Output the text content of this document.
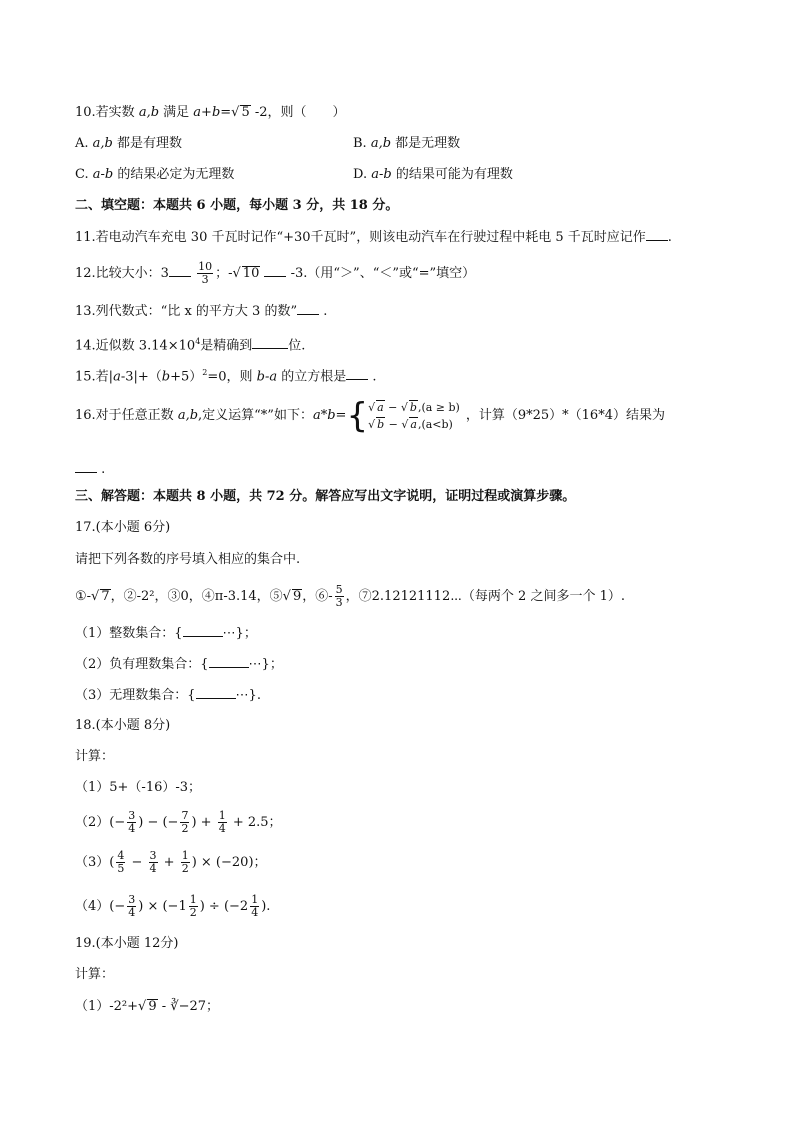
10.若实数 a,b 满足 a+b= √ 5 -2，则（　　）
A. a,b 都是有理数	B. a,b 都是无理数
C. a-b 的结果必定为无理数	D. a-b 的结果可能为有理数
二、填空题：本题共 6 小题，每小题 3 分，共 18 分。
11.若电动汽车充电 30 千瓦时记作“+30千瓦时”，则该电动汽车在行驶过程中耗电 5 千瓦时应记作 .
12.比较大小：3	$\frac{10}{3}$ ；- √ 10  -3.（用“＞”、“＜”或“=”填空）
13.列代数式：“比 x 的平方大 3 的数” .
14.近似数 $3.14\times 10^4$是精确到	位.
15.若$|a-3|+(b+5)^2=0$，则 b-a 的立方根是 .
16.对于任意正数 a,b,定义运算“*”如下：a*b={ √ a − √ b,(a ≥ b)
√ b − √ a,(a<b)
，计算（9*25）*（16*4）结果为
.
三、解答题：本题共 8 小题，共 72 分。解答应写出文字说明，证明过程或演算步骤。
17.(本小题 6分)
请把下列各数的序号填入相应的集合中.
①- √ 7，②-2²，③0，④π-3.14，⑤ √ 9，⑥- $\frac{5}{3}$ ，⑦2.12121112⋯（每两个 2 之间多一个 1）.
（1）整数集合：{	⋯}；
（2）负有理数集合：{	⋯}；
（3）无理数集合：{	⋯}.
18.(本小题 8分)
计算：
（1）5+（-16）-3；
$(2)(- \frac{3}{4}$ ) − (− $\frac{7}{2}$ ) + $\frac{1}{4} + 2.5$；
$(3)( \frac{4}{5} - \frac{3}{4} + \frac{1}{2}$ ) × (−20)；
$(4)(- \frac{3}{4}$ ) × ($-1 \frac{1}{2}$ ) ÷ ($-2 \frac{1}{4}$ ).
19.(本小题 12分)
计算：
（1）-2²+ √ 9 - ∛−27；
